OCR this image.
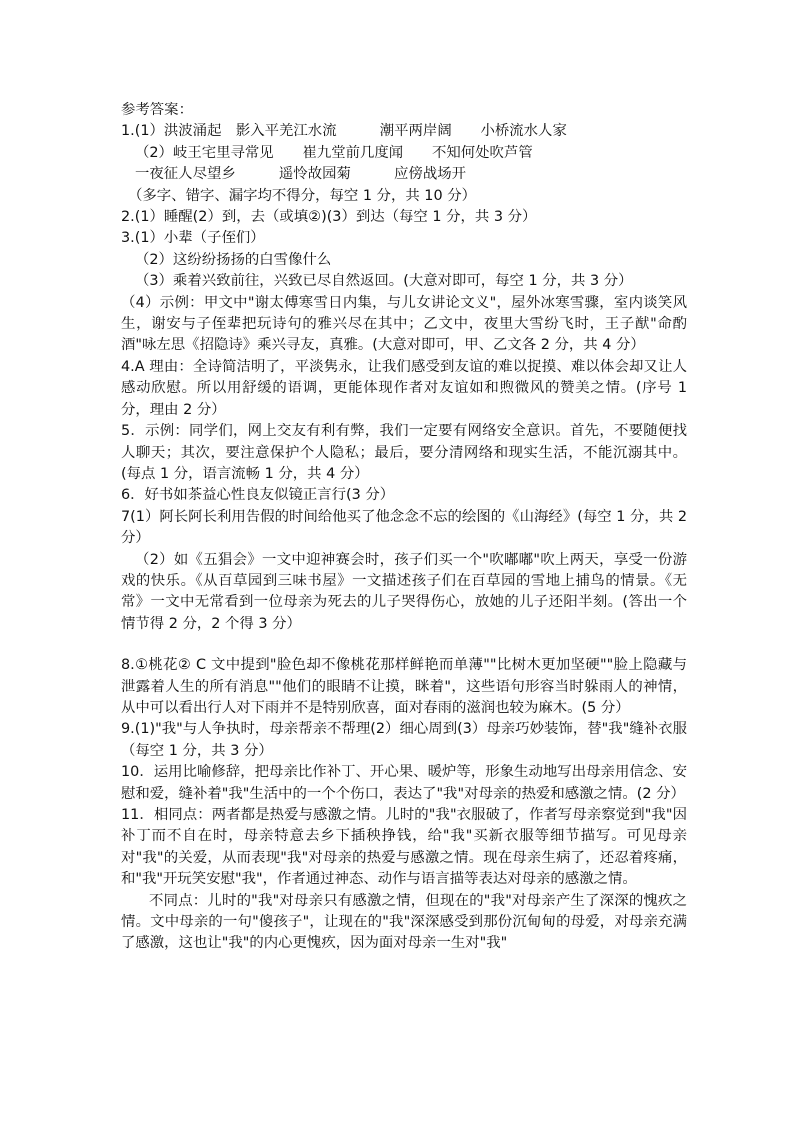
参考答案：
1.(1）洪波涌起　影入平羌江水流　　　潮平两岸阔　　小桥流水人家
（2）岐王宅里寻常见　　崔九堂前几度闻　　不知何处吹芦管
一夜征人尽望乡　　　遥怜故园菊　　　应傍战场开
（多字、错字、漏字均不得分，每空 1 分，共 10 分）
2.(1）睡醒(2）到，去（或填②)(3）到达（每空 1 分，共 3 分）
3.(1）小辈（子侄们）
（2）这纷纷扬扬的白雪像什么
（3）乘着兴致前往，兴致已尽自然返回。(大意对即可，每空 1 分，共 3 分）
（4）示例：甲文中"谢太傅寒雪日内集，与儿女讲论文义"，屋外冰寒雪骤，室内谈笑风生，谢安与子侄辈把玩诗句的雅兴尽在其中；乙文中，夜里大雪纷飞时，王子猷"命酌酒"咏左思《招隐诗》乘兴寻友，真雅。(大意对即可，甲、乙文各 2 分，共 4 分）
4.A 理由：全诗简洁明了，平淡隽永，让我们感受到友谊的难以捉摸、难以体会却又让人感动欣慰。所以用舒缓的语调，更能体现作者对友谊如和煦微风的赞美之情。(序号 1 分，理由 2 分）
5．示例：同学们，网上交友有利有弊，我们一定要有网络安全意识。首先，不要随便找人聊天；其次，要注意保护个人隐私；最后，要分清网络和现实生活，不能沉溺其中。(每点 1 分，语言流畅 1 分，共 4 分）
6．好书如茶益心性良友似镜正言行(3 分）
7(1）阿长阿长利用告假的时间给他买了他念念不忘的绘图的《山海经》(每空 1 分，共 2 分）
（2）如《五猖会》一文中迎神赛会时，孩子们买一个"吹嘟嘟"吹上两天，享受一份游戏的快乐。《从百草园到三味书屋》一文描述孩子们在百草园的雪地上捕鸟的情景。《无常》一文中无常看到一位母亲为死去的儿子哭得伤心，放她的儿子还阳半刻。(答出一个情节得 2 分，2 个得 3 分）
8.①桃花② C 文中提到"脸色却不像桃花那样鲜艳而单薄""比树木更加坚硬""脸上隐藏与泄露着人生的所有消息""他们的眼睛不让摸，眯着"，这些语句形容当时躲雨人的神情，从中可以看出行人对下雨并不是特别欣喜，面对春雨的滋润也较为麻木。(5 分）
9.(1)"我"与人争执时，母亲帮亲不帮理(2）细心周到(3）母亲巧妙装饰，替"我"缝补衣服（每空 1 分，共 3 分）
10．运用比喻修辞，把母亲比作补丁、开心果、暖炉等，形象生动地写出母亲用信念、安慰和爱，缝补着"我"生活中的一个个伤口，表达了"我"对母亲的热爱和感激之情。(2 分）
11．相同点：两者都是热爱与感激之情。儿时的"我"衣服破了，作者写母亲察觉到"我"因补丁而不自在时，母亲特意去乡下插秧挣钱，给"我"买新衣服等细节描写。可见母亲对"我"的关爱，从而表现"我"对母亲的热爱与感激之情。现在母亲生病了，还忍着疼痛，和"我"开玩笑安慰"我"，作者通过神态、动作与语言描等表达对母亲的感激之情。
不同点：儿时的"我"对母亲只有感激之情，但现在的"我"对母亲产生了深深的愧疚之情。文中母亲的一句"傻孩子"，让现在的"我"深深感受到那份沉甸甸的母爱，对母亲充满了感激，这也让"我"的内心更愧疚，因为面对母亲一生对"我"
